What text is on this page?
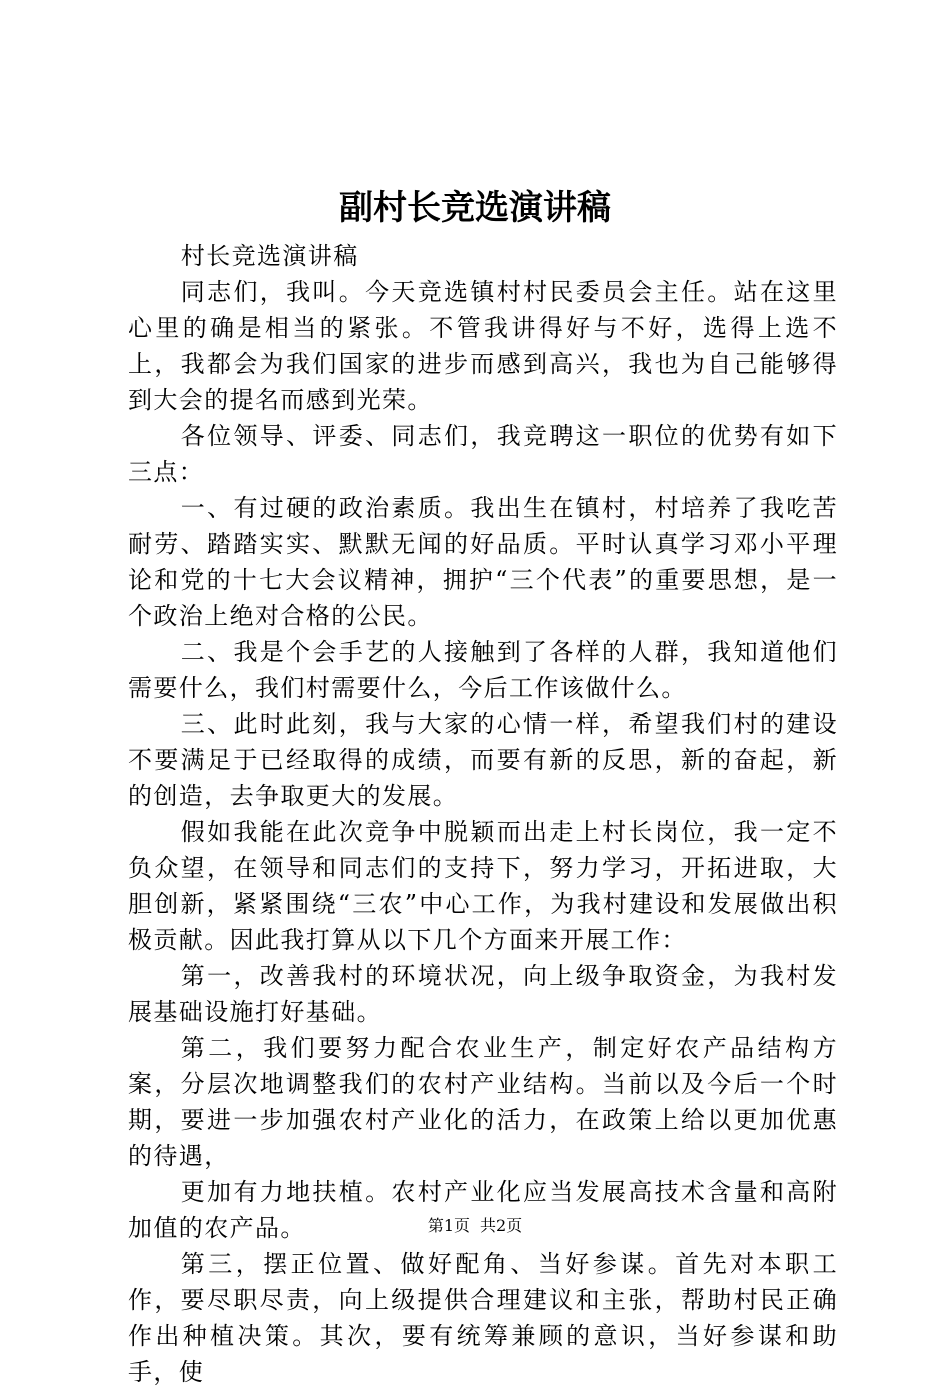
副村长竞选演讲稿

村长竞选演讲稿

同志们，我叫。今天竞选镇村村民委员会主任。站在这里心里的确是相当的紧张。不管我讲得好与不好，选得上选不上，我都会为我们国家的进步而感到高兴，我也为自己能够得到大会的提名而感到光荣。

各位领导、评委、同志们，我竞聘这一职位的优势有如下三点：

一、有过硬的政治素质。我出生在镇村，村培养了我吃苦耐劳、踏踏实实、默默无闻的好品质。平时认真学习邓小平理论和党的十七大会议精神，拥护“三个代表”的重要思想，是一个政治上绝对合格的公民。

二、我是个会手艺的人接触到了各样的人群，我知道他们需要什么，我们村需要什么，今后工作该做什么。

三、此时此刻，我与大家的心情一样，希望我们村的建设不要满足于已经取得的成绩，而要有新的反思，新的奋起，新的创造，去争取更大的发展。

假如我能在此次竞争中脱颖而出走上村长岗位，我一定不负众望，在领导和同志们的支持下，努力学习，开拓进取，大胆创新，紧紧围绕“三农”中心工作，为我村建设和发展做出积极贡献。因此我打算从以下几个方面来开展工作：

第一，改善我村的环境状况，向上级争取资金，为我村发展基础设施打好基础。

第二，我们要努力配合农业生产，制定好农产品结构方案，分层次地调整我们的农村产业结构。当前以及今后一个时期，要进一步加强农村产业化的活力，在政策上给以更加优惠的待遇，

更加有力地扶植。农村产业化应当发展高技术含量和高附加值的农产品。

第三，摆正位置、做好配角、当好参谋。首先对本职工作，要尽职尽责，向上级提供合理建议和主张，帮助村民正确作出种植决策。其次，要有统筹兼顾的意识，当好参谋和助手，使

第1页 共2页
